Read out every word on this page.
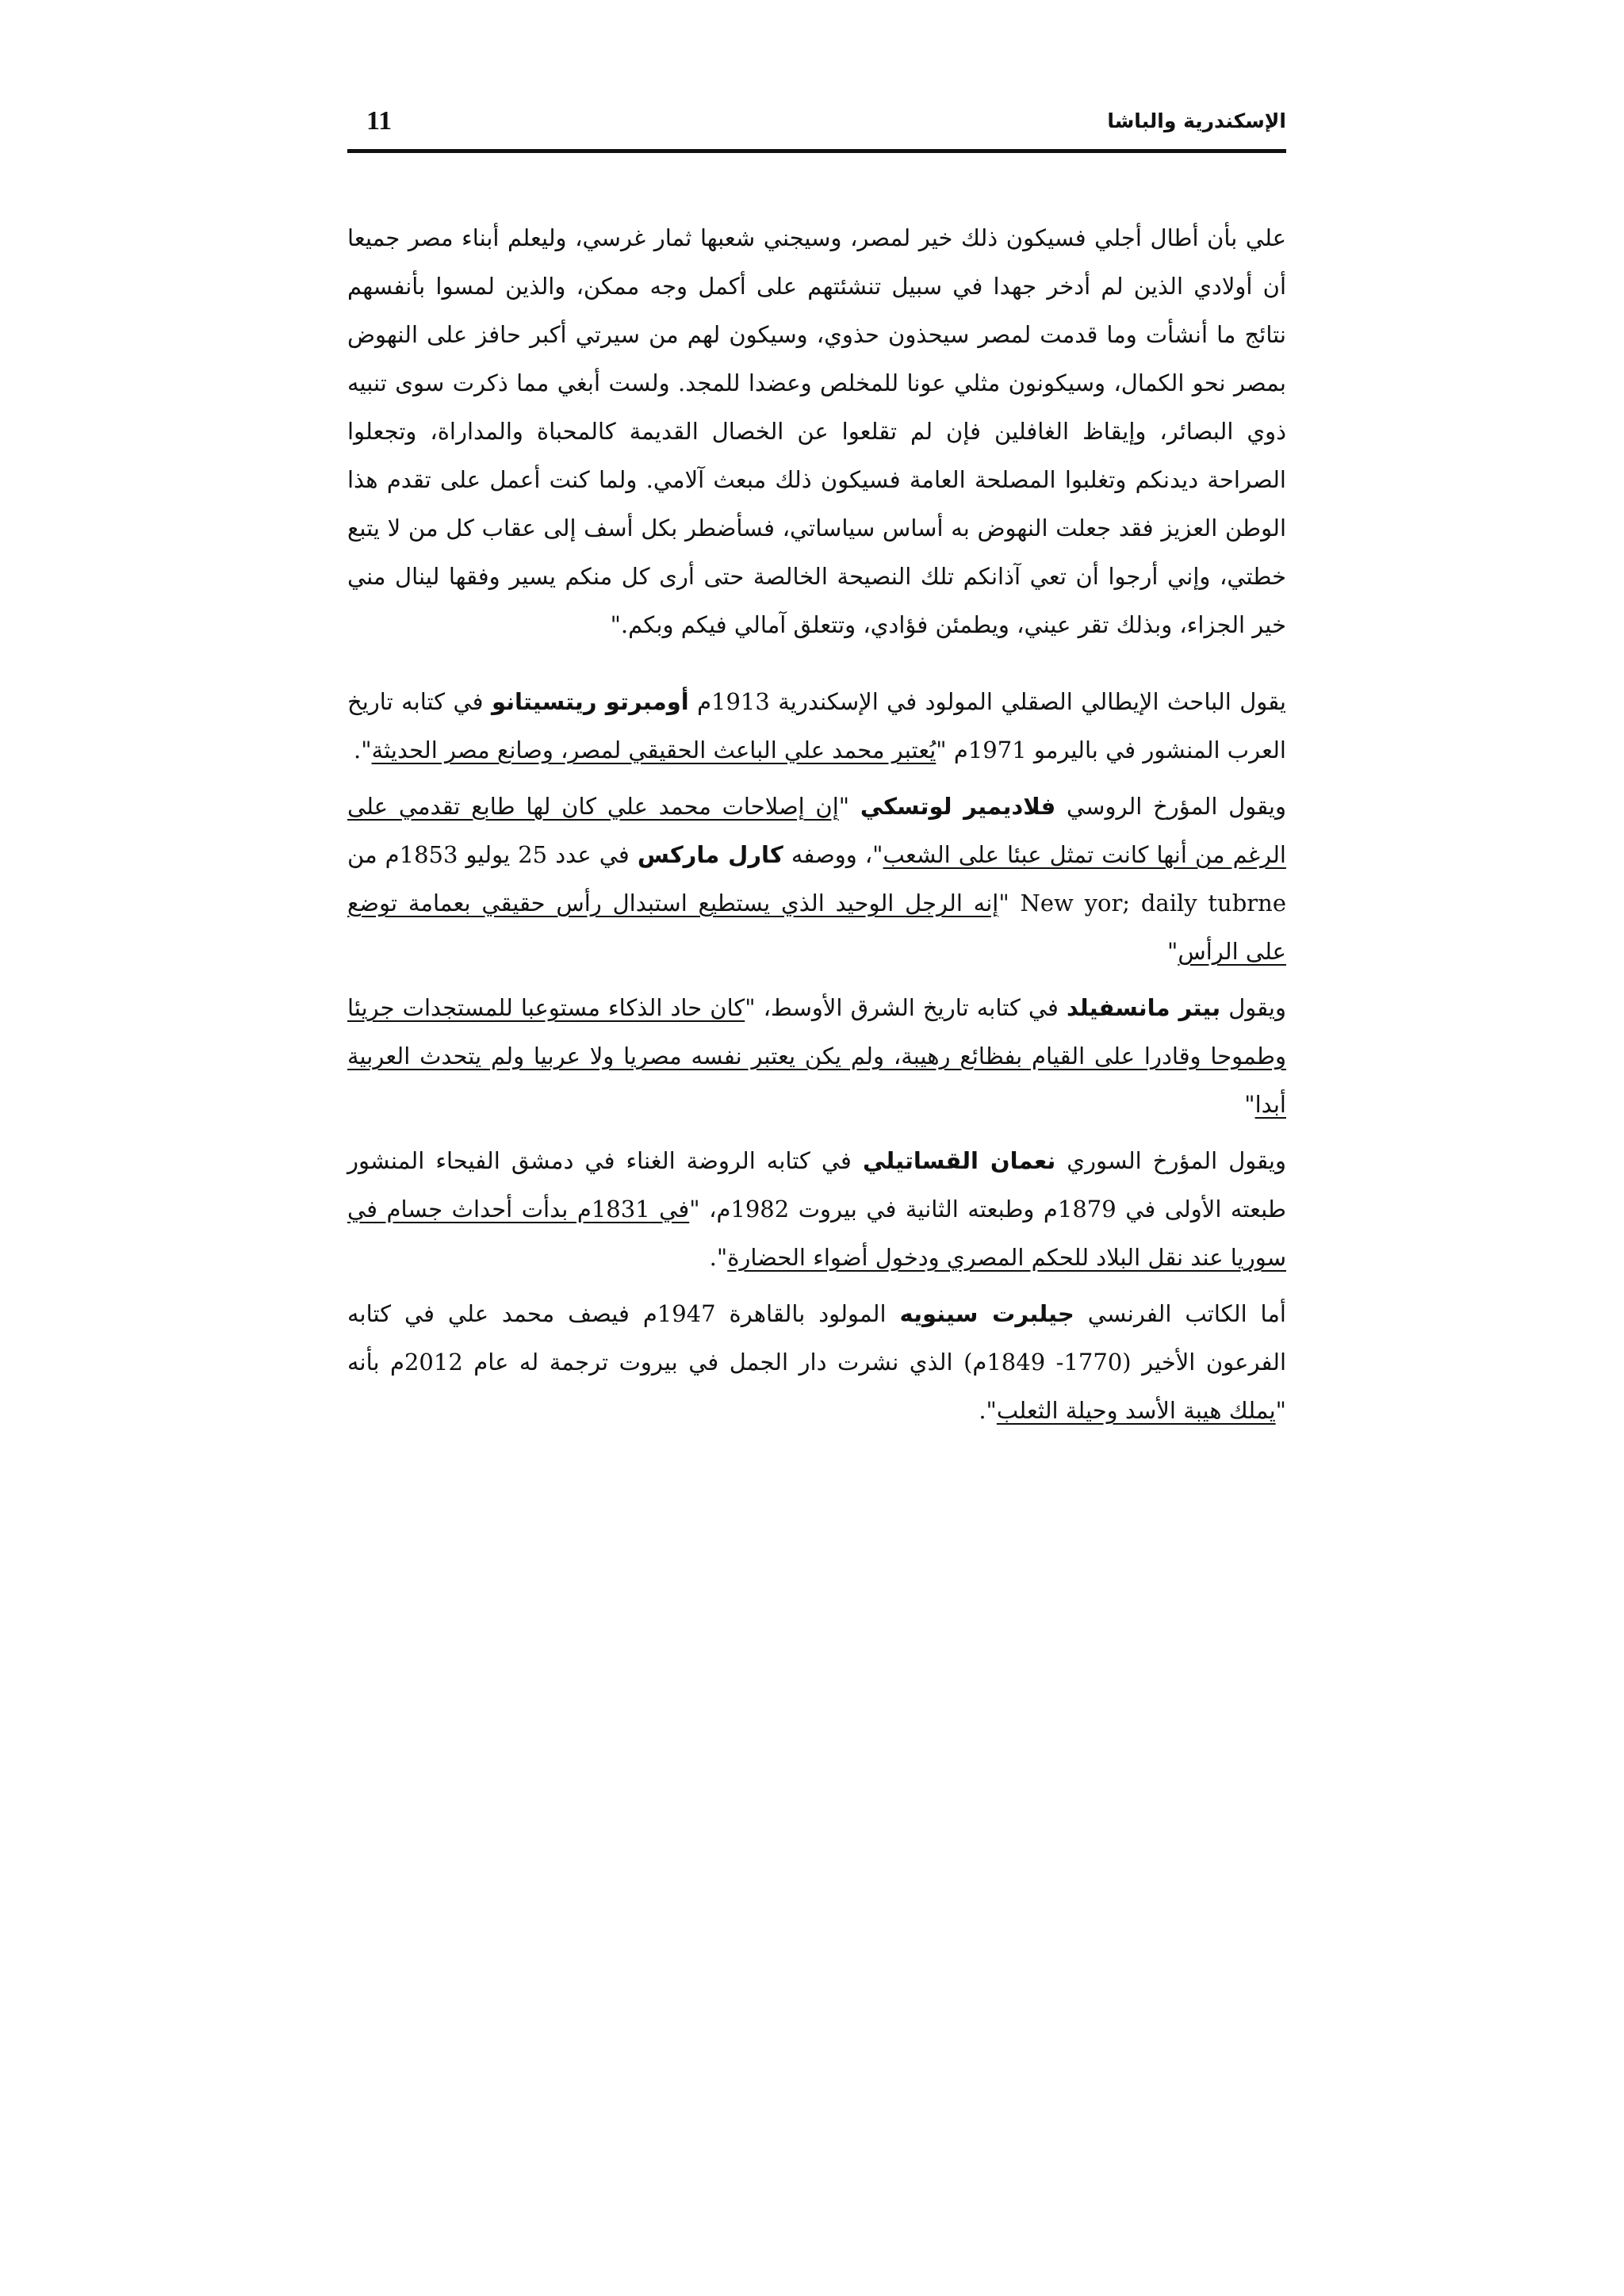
11	الإسكندرية والباشا

علي بأن أطال أجلي فسيكون ذلك خير لمصر، وسيجني شعبها ثمار غرسي، وليعلم أبناء مصر جميعا أن أولادي الذين لم أدخر جهدا في سبيل تنشئتهم على أكمل وجه ممكن، والذين لمسوا بأنفسهم نتائج ما أنشأت وما قدمت لمصر سيحذون حذوي، وسيكون لهم من سيرتي أكبر حافز على النهوض بمصر نحو الكمال، وسيكونون مثلي عونا للمخلص وعضدا للمجد. ولست أبغي مما ذكرت سوى تنبيه ذوي البصائر، وإيقاظ الغافلين فإن لم تقلعوا عن الخصال القديمة كالمحباة والمداراة، وتجعلوا الصراحة ديدنكم وتغلبوا المصلحة العامة فسيكون ذلك مبعث آلامي. ولما كنت أعمل على تقدم هذا الوطن العزيز فقد جعلت النهوض به أساس سياساتي، فسأضطر بكل أسف إلى عقاب كل من لا يتبع خطتي، وإني أرجوا أن تعي آذانكم تلك النصيحة الخالصة حتى أرى كل منكم يسير وفقها لينال مني خير الجزاء، وبذلك تقر عيني، ويطمئن فؤادي، وتتعلق آمالي فيكم وبكم."

يقول الباحث الإيطالي الصقلي المولود في الإسكندرية 1913م أومبرتو ريتسيتانو في كتابه تاريخ العرب المنشور في باليرمو 1971م "يُعتبر محمد علي الباعث الحقيقي لمصر، وصانع مصر الحديثة".

ويقول المؤرخ الروسي فلاديمير لوتسكي "إن إصلاحات محمد علي كان لها طابع تقدمي على الرغم من أنها كانت تمثل عبئا على الشعب"، ووصفه كارل ماركس في عدد 25 يوليو 1853م من New yor; daily tubrne "إنه الرجل الوحيد الذي يستطيع استبدال رأس حقيقي بعمامة توضع على الرأس"

ويقول بيتر مانسفيلد في كتابه تاريخ الشرق الأوسط، "كان حاد الذكاء مستوعبا للمستجدات جريئا وطموحا وقادرا على القيام بفظائع رهيبة، ولم يكن يعتبر نفسه مصريا ولا عربيا ولم يتحدث العربية أبدا"

ويقول المؤرخ السوري نعمان القساتيلي في كتابه الروضة الغناء في دمشق الفيحاء المنشور طبعته الأولى في 1879م وطبعته الثانية في بيروت 1982م، "في 1831م بدأت أحداث جسام في سوريا عند نقل البلاد للحكم المصري ودخول أضواء الحضارة".

أما الكاتب الفرنسي جيلبرت سينويه المولود بالقاهرة 1947م فيصف محمد علي في كتابه الفرعون الأخير (1770- 1849م) الذي نشرت دار الجمل في بيروت ترجمة له عام 2012م بأنه "يملك هيبة الأسد وحيلة الثعلب".
